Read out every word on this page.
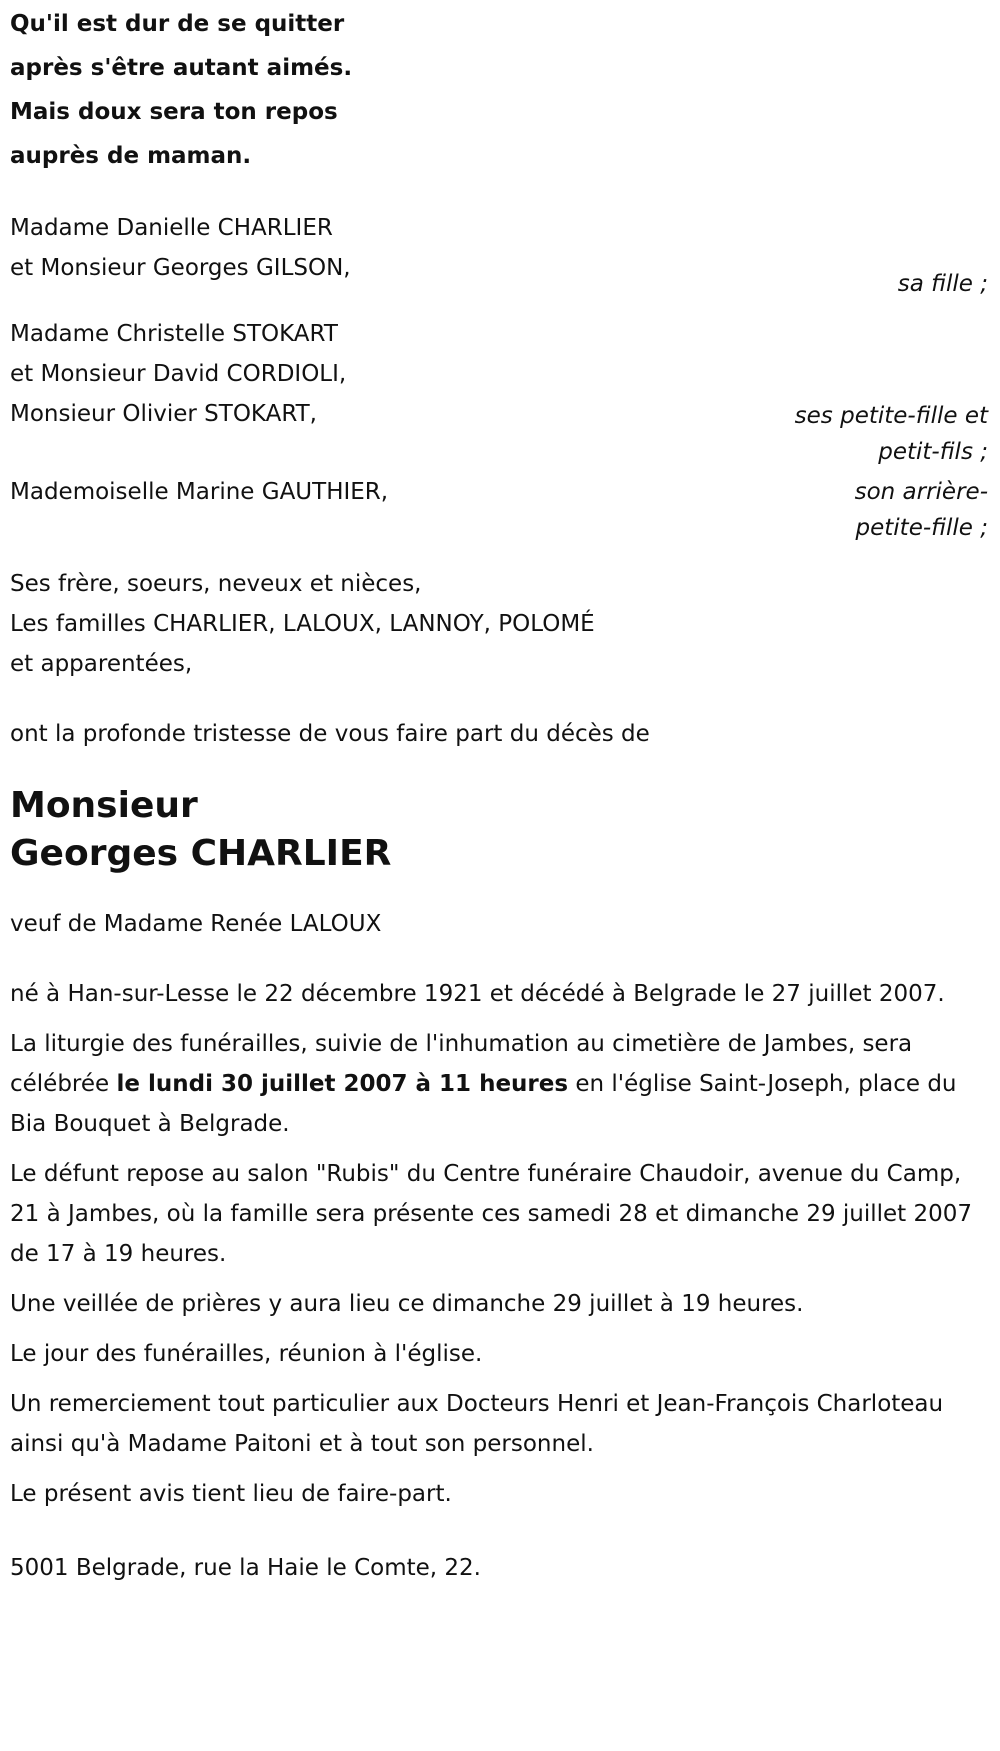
Qu'il est dur de se quitter
après s'être autant aimés.
Mais doux sera ton repos
auprès de maman.
Madame Danielle CHARLIER
et Monsieur Georges GILSON,
sa fille ;
Madame Christelle STOKART
et Monsieur David CORDIOLI,
Monsieur Olivier STOKART,	ses petite-fille et
petit-fils ;
Mademoiselle Marine GAUTHIER,	son arrière-
petite-fille ;
Ses frère, soeurs, neveux et nièces,
Les familles CHARLIER, LALOUX, LANNOY, POLOMÉ
et apparentées,
ont la profonde tristesse de vous faire part du décès de
Monsieur
Georges CHARLIER
veuf de Madame Renée LALOUX

né à Han-sur-Lesse le 22 décembre 1921 et décédé à Belgrade le 27 juillet 2007.

La liturgie des funérailles, suivie de l'inhumation au cimetière de Jambes, sera célébrée le lundi 30 juillet 2007 à 11 heures en l'église Saint-Joseph, place du Bia Bouquet à Belgrade.

Le défunt repose au salon "Rubis" du Centre funéraire Chaudoir, avenue du Camp, 21 à Jambes, où la famille sera présente ces samedi 28 et dimanche 29 juillet 2007 de 17 à 19 heures.

Une veillée de prières y aura lieu ce dimanche 29 juillet à 19 heures.

Le jour des funérailles, réunion à l'église.

Un remerciement tout particulier aux Docteurs Henri et Jean-François Charloteau ainsi qu'à Madame Paitoni et à tout son personnel.

Le présent avis tient lieu de faire-part.

5001 Belgrade, rue la Haie le Comte, 22.
